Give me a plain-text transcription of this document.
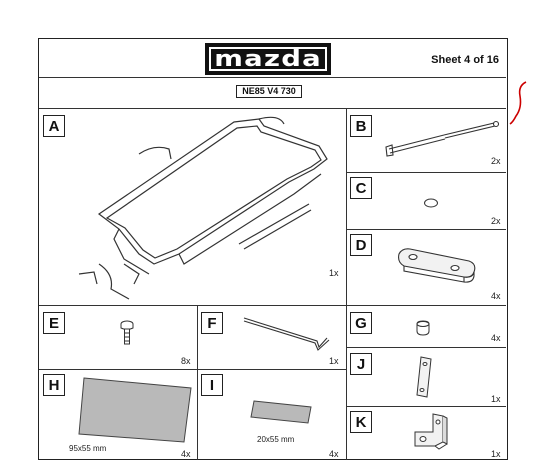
mazda	Sheet 4 of 16
NE85 V4 730
A
1x
B
2x
C
2x
D
4x
E
8x
F
1x
G
4x
H
95x55 mm
4x
I
20x55 mm
4x
J
1x
K
1x
